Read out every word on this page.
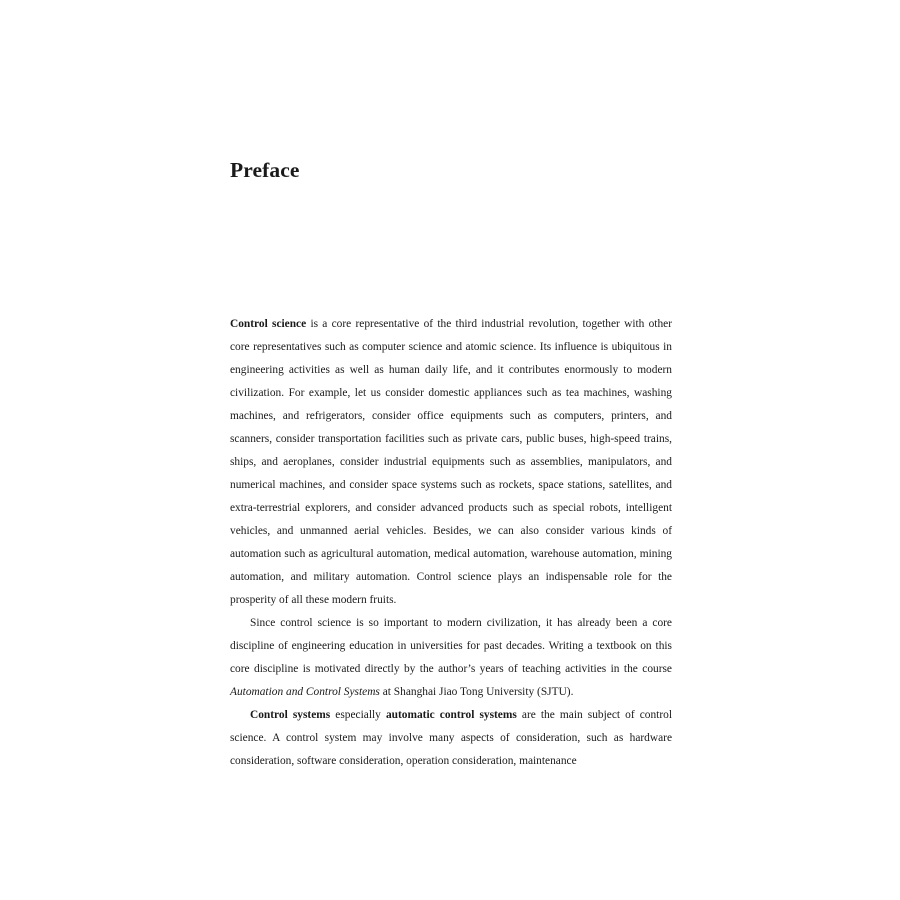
Preface

Control science is a core representative of the third industrial revolution, together with other core representatives such as computer science and atomic science. Its influence is ubiquitous in engineering activities as well as human daily life, and it contributes enormously to modern civilization. For example, let us consider domestic appliances such as tea machines, washing machines, and refrigerators, consider office equipments such as computers, printers, and scanners, consider transportation facilities such as private cars, public buses, high-speed trains, ships, and aeroplanes, consider industrial equipments such as assemblies, manipulators, and numerical machines, and consider space systems such as rockets, space stations, satellites, and extra-terrestrial explorers, and consider advanced products such as special robots, intelligent vehicles, and unmanned aerial vehicles. Besides, we can also consider various kinds of automation such as agricultural automation, medical automation, warehouse automation, mining automation, and military automation. Control science plays an indispensable role for the prosperity of all these modern fruits.

Since control science is so important to modern civilization, it has already been a core discipline of engineering education in universities for past decades. Writing a textbook on this core discipline is motivated directly by the author’s years of teaching activities in the course Automation and Control Systems at Shanghai Jiao Tong University (SJTU).

Control systems especially automatic control systems are the main subject of control science. A control system may involve many aspects of consideration, such as hardware consideration, software consideration, operation consideration, maintenance
